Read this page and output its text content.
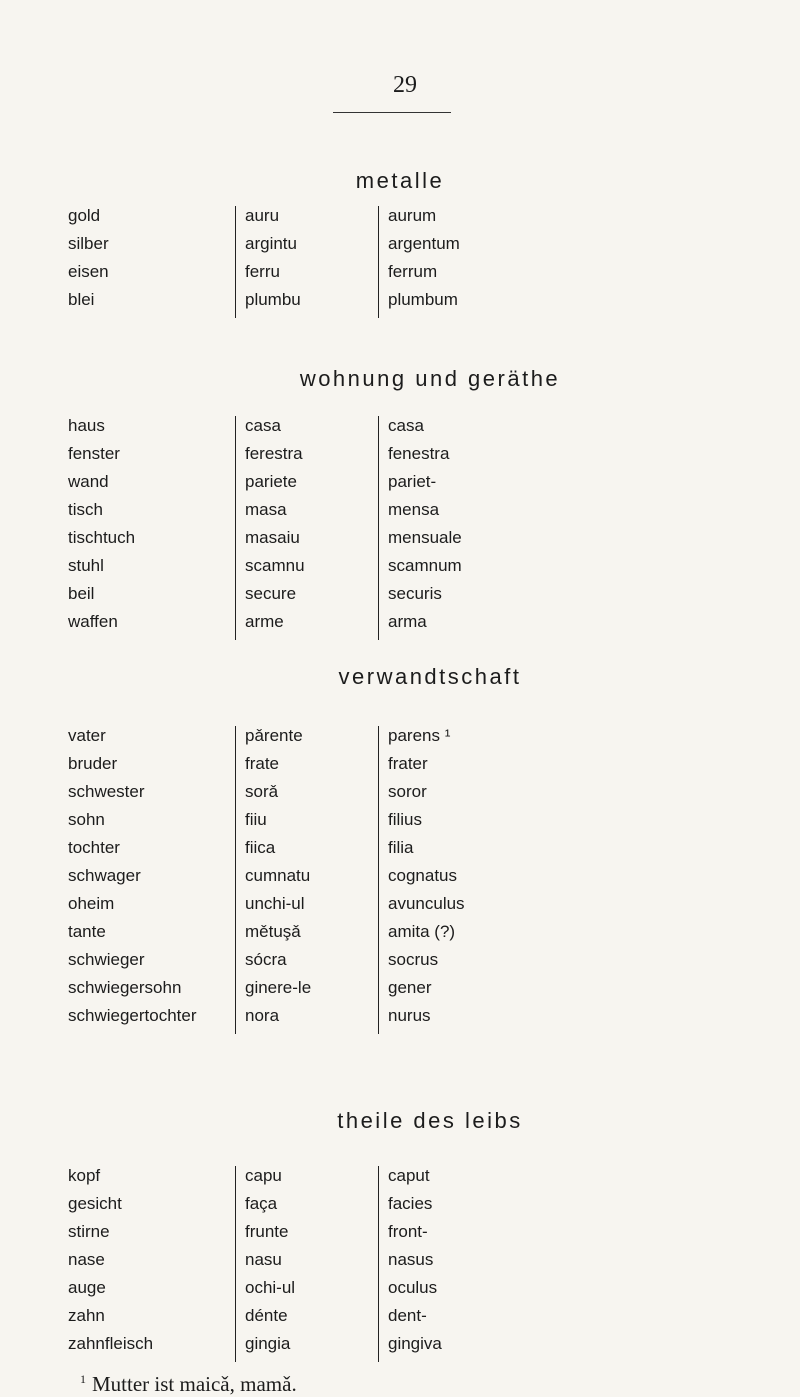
29
metalle
gold	auru	aurum
silber	argintu	argentum
eisen	ferru	ferrum
blei	plumbu	plumbum
wohnung und geräthe
haus	casa	casa
fenster	ferestra	fenestra
wand	pariete	pariet-
tisch	masa	mensa
tischtuch	masaiu	mensuale
stuhl	scamnu	scamnum
beil	secure	securis
waffen	arme	arma
verwandtschaft
vater	pǎrente	parens ¹
bruder	frate	frater
schwester	sorǎ	soror
sohn	fiiu	filius
tochter	fiica	filia
schwager	cumnatu	cognatus
oheim	unchi-ul	avunculus
tante	mětuşǎ	amita (?)
schwieger	sócra	socrus
schwiegersohn	ginere-le	gener
schwiegertochter	nora	nurus
theile des leibs
kopf	capu	caput
gesicht	faça	facies
stirne	frunte	front-
nase	nasu	nasus
auge	ochi-ul	oculus
zahn	dénte	dent-
zahnfleisch	gingia	gingiva
$^1$ Mutter ist maicǎ, mamǎ.
